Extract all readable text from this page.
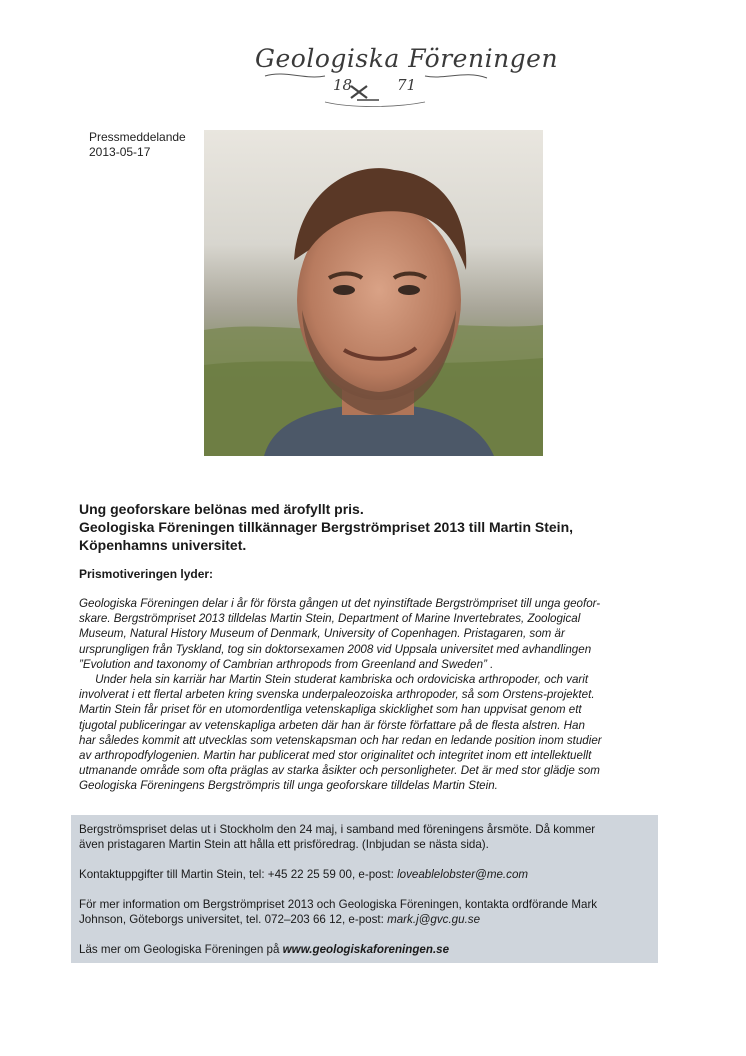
Geologiska Föreningen
18	71
Pressmeddelande
2013-05-17
Ung geoforskare belönas med ärofyllt pris.
Geologiska Föreningen tillkännager Bergströmpriset 2013 till Martin Stein,
Köpenhamns universitet.
Prismotiveringen lyder:
Geologiska Föreningen delar i år för första gången ut det nyinstiftade Bergströmpriset till unga geofor-
skare. Bergströmpriset 2013 tilldelas Martin Stein, Department of Marine Invertebrates, Zoological
Museum, Natural History Museum of Denmark, University of Copenhagen. Pristagaren, som är
ursprungligen från Tyskland, tog sin doktorsexamen 2008 vid Uppsala universitet med avhandlingen
”Evolution and taxonomy of Cambrian arthropods from Greenland and Sweden” .
Under hela sin karriär har Martin Stein studerat kambriska och ordoviciska arthropoder, och varit
involverat i ett flertal arbeten kring svenska underpaleozoiska arthropoder, så som Orstens-projektet.
Martin Stein får priset för en utomordentliga vetenskapliga skicklighet som han uppvisat genom ett
tjugotal publiceringar av vetenskapliga arbeten där han är förste författare på de flesta alstren. Han
har således kommit att utvecklas som vetenskapsman och har redan en ledande position inom studier
av arthropodfylogenien. Martin har publicerat med stor originalitet och integritet inom ett intellektuellt
utmanande område som ofta präglas av starka åsikter och personligheter. Det är med stor glädje som
Geologiska Föreningens Bergströmpris till unga geoforskare tilldelas Martin Stein.
Bergströmspriset delas ut i Stockholm den 24 maj, i samband med föreningens årsmöte. Då kommer
även pristagaren Martin Stein att hålla ett prisföredrag. (Inbjudan se nästa sida).
Kontaktuppgifter till Martin Stein, tel: +45 22 25 59 00, e-post: loveablelobster@me.com
För mer information om Bergströmpriset 2013 och Geologiska Föreningen, kontakta ordförande Mark
Johnson, Göteborgs universitet, tel. 072–203 66 12, e-post: mark.j@gvc.gu.se
Läs mer om Geologiska Föreningen på www.geologiskaforeningen.se
